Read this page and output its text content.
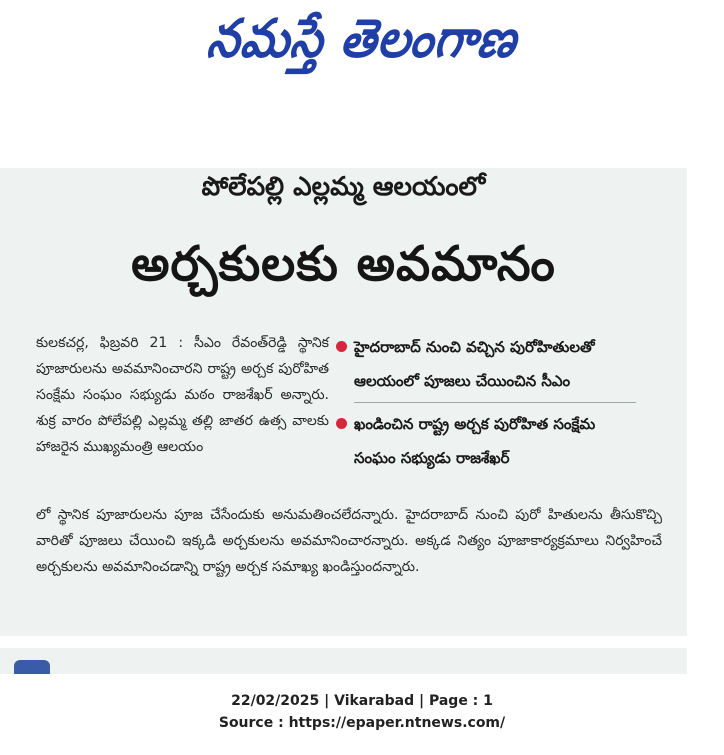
నమస్తే తెలంగాణ
పోలేపల్లి ఎల్లమ్మ ఆలయంలో
అర్చకులకు అవమానం
కులకచర్ల, ఫిబ్రవరి 21 : సీఎం రేవంత్‌రెడ్డి స్థానిక పూజారులను అవమానించారని రాష్ట్ర అర్చక పురోహిత సంక్షేమ సంఘం సభ్యుడు మఠం రాజశేఖర్ అన్నారు. శుక్ర వారం పోలేపల్లి ఎల్లమ్మ తల్లి జాతర ఉత్స వాలకు హాజరైన ముఖ్యమంత్రి ఆలయం
హైదరాబాద్ నుంచి వచ్చిన పురోహితులతో ఆలయంలో పూజలు చేయించిన సీఎం
ఖండించిన రాష్ట్ర అర్చక పురోహిత సంక్షేమ సంఘం సభ్యుడు రాజశేఖర్
లో స్థానిక పూజారులను పూజ చేసేందుకు అనుమతించలేదన్నారు. హైదరాబాద్ నుంచి పురో హితులను తీసుకొచ్చి వారితో పూజలు చేయించి ఇక్కడి అర్చకులను అవమానించారన్నారు. అక్కడ నిత్యం పూజాకార్యక్రమాలు నిర్వహించే అర్చకులను అవమానించడాన్ని రాష్ట్ర అర్చక సమాఖ్య ఖండిస్తుందన్నారు.
22/02/2025 | Vikarabad | Page : 1
Source : https://epaper.ntnews.com/
